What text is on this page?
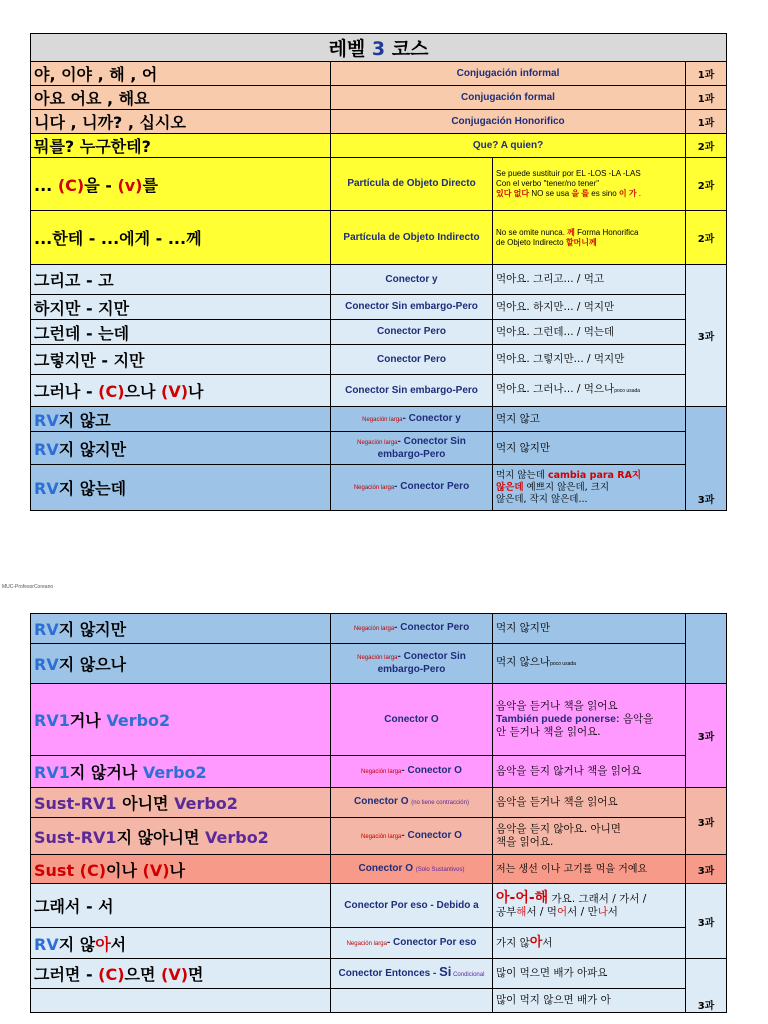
레벨 3 코스			
야, 이야 , 해 , 어	Conjugación informal		1과
아요 어요 , 해요	Conjugación formal		1과
니다 , 니까? , 십시오	Conjugación Honorifico		1과
뭐를? 누구한테?	Que? A quien?		2과
... (C)을 - (v)를	Partícula de Objeto Directo	Se puede sustituir por EL -LOS -LA -LAS
Con el verbo "tener/no tener"
있다 없다 NO se usa 을 를 es sino 이 가 .	2과
...한테 - ...에게 - ...께	Partícula de Objeto Indirecto	No se omite nunca. 께 Forma Honorifica
de Objeto Indirecto 할머니께	2과
그리고 - 고	Conector y	먹아요. 그리고... / 먹고	3과
하지만 - 지만	Conector Sin embargo-Pero	먹아요. 하지만... / 먹지만	
그런데 - 는데	Conector Pero	먹아요. 그런데... / 먹는데	
그렇지만 - 지만	Conector Pero	먹아요. 그렇지만... / 먹지만	
그러나 - (C)으나 (V)나	Conector Sin embargo-Pero	먹아요. 그러나... / 먹으나poco usada	
RV지 않고	Negación larga- Conector y	먹지 않고	3과
RV지 않지만	Negación larga- Conector Sin embargo-Pero	먹지 않지만	
RV지 않는데	Negación larga- Conector Pero	먹지 않는데 cambia para RA지
않은데 예쁘지 않은데, 크지
않은데, 작지 않은데...	
MUC-ProfesorCoreano
RV지 않지만	Negación larga- Conector Pero	먹지 않지만	
RV지 않으나	Negación larga- Conector Sin embargo-Pero	먹지 않으나poco usada	
RV1거나 Verbo2	Conector O	음악을 듣거나 책을 읽어요
También puede ponerse: 음악을
안 듣거나 책을 읽어요.	3과
RV1지 않거나 Verbo2	Negación larga- Conector O	음악을 듣지 않거나 책을 읽어요	
Sust-RV1 아니면 Verbo2	Conector O (no tiene contracción)	음악을 듣거나 책을 읽어요	3과
Sust-RV1지 않아니면 Verbo2	Negación larga- Conector O	음악을 듣지 않아요. 아니면
책을 읽어요.	

Sust (C)이나 (V)나	Conector O (Solo Sustantivos)	저는 생선 이나 고기를 먹을 거예요	3과
그래서 - 서	Conector Por eso - Debido a	아-어-해 가요. 그래서 / 가서 /
공부해서 / 먹어서 / 만나서	3과
RV지 않아서	Negación larga- Conector Por eso	가지 않아서	
그러면 - (C)으면 (V)면	Conector Entonces - Si Condicional	많이 먹으면 배가 아파요	3과
		많이 먹지 않으면 배가 아	
